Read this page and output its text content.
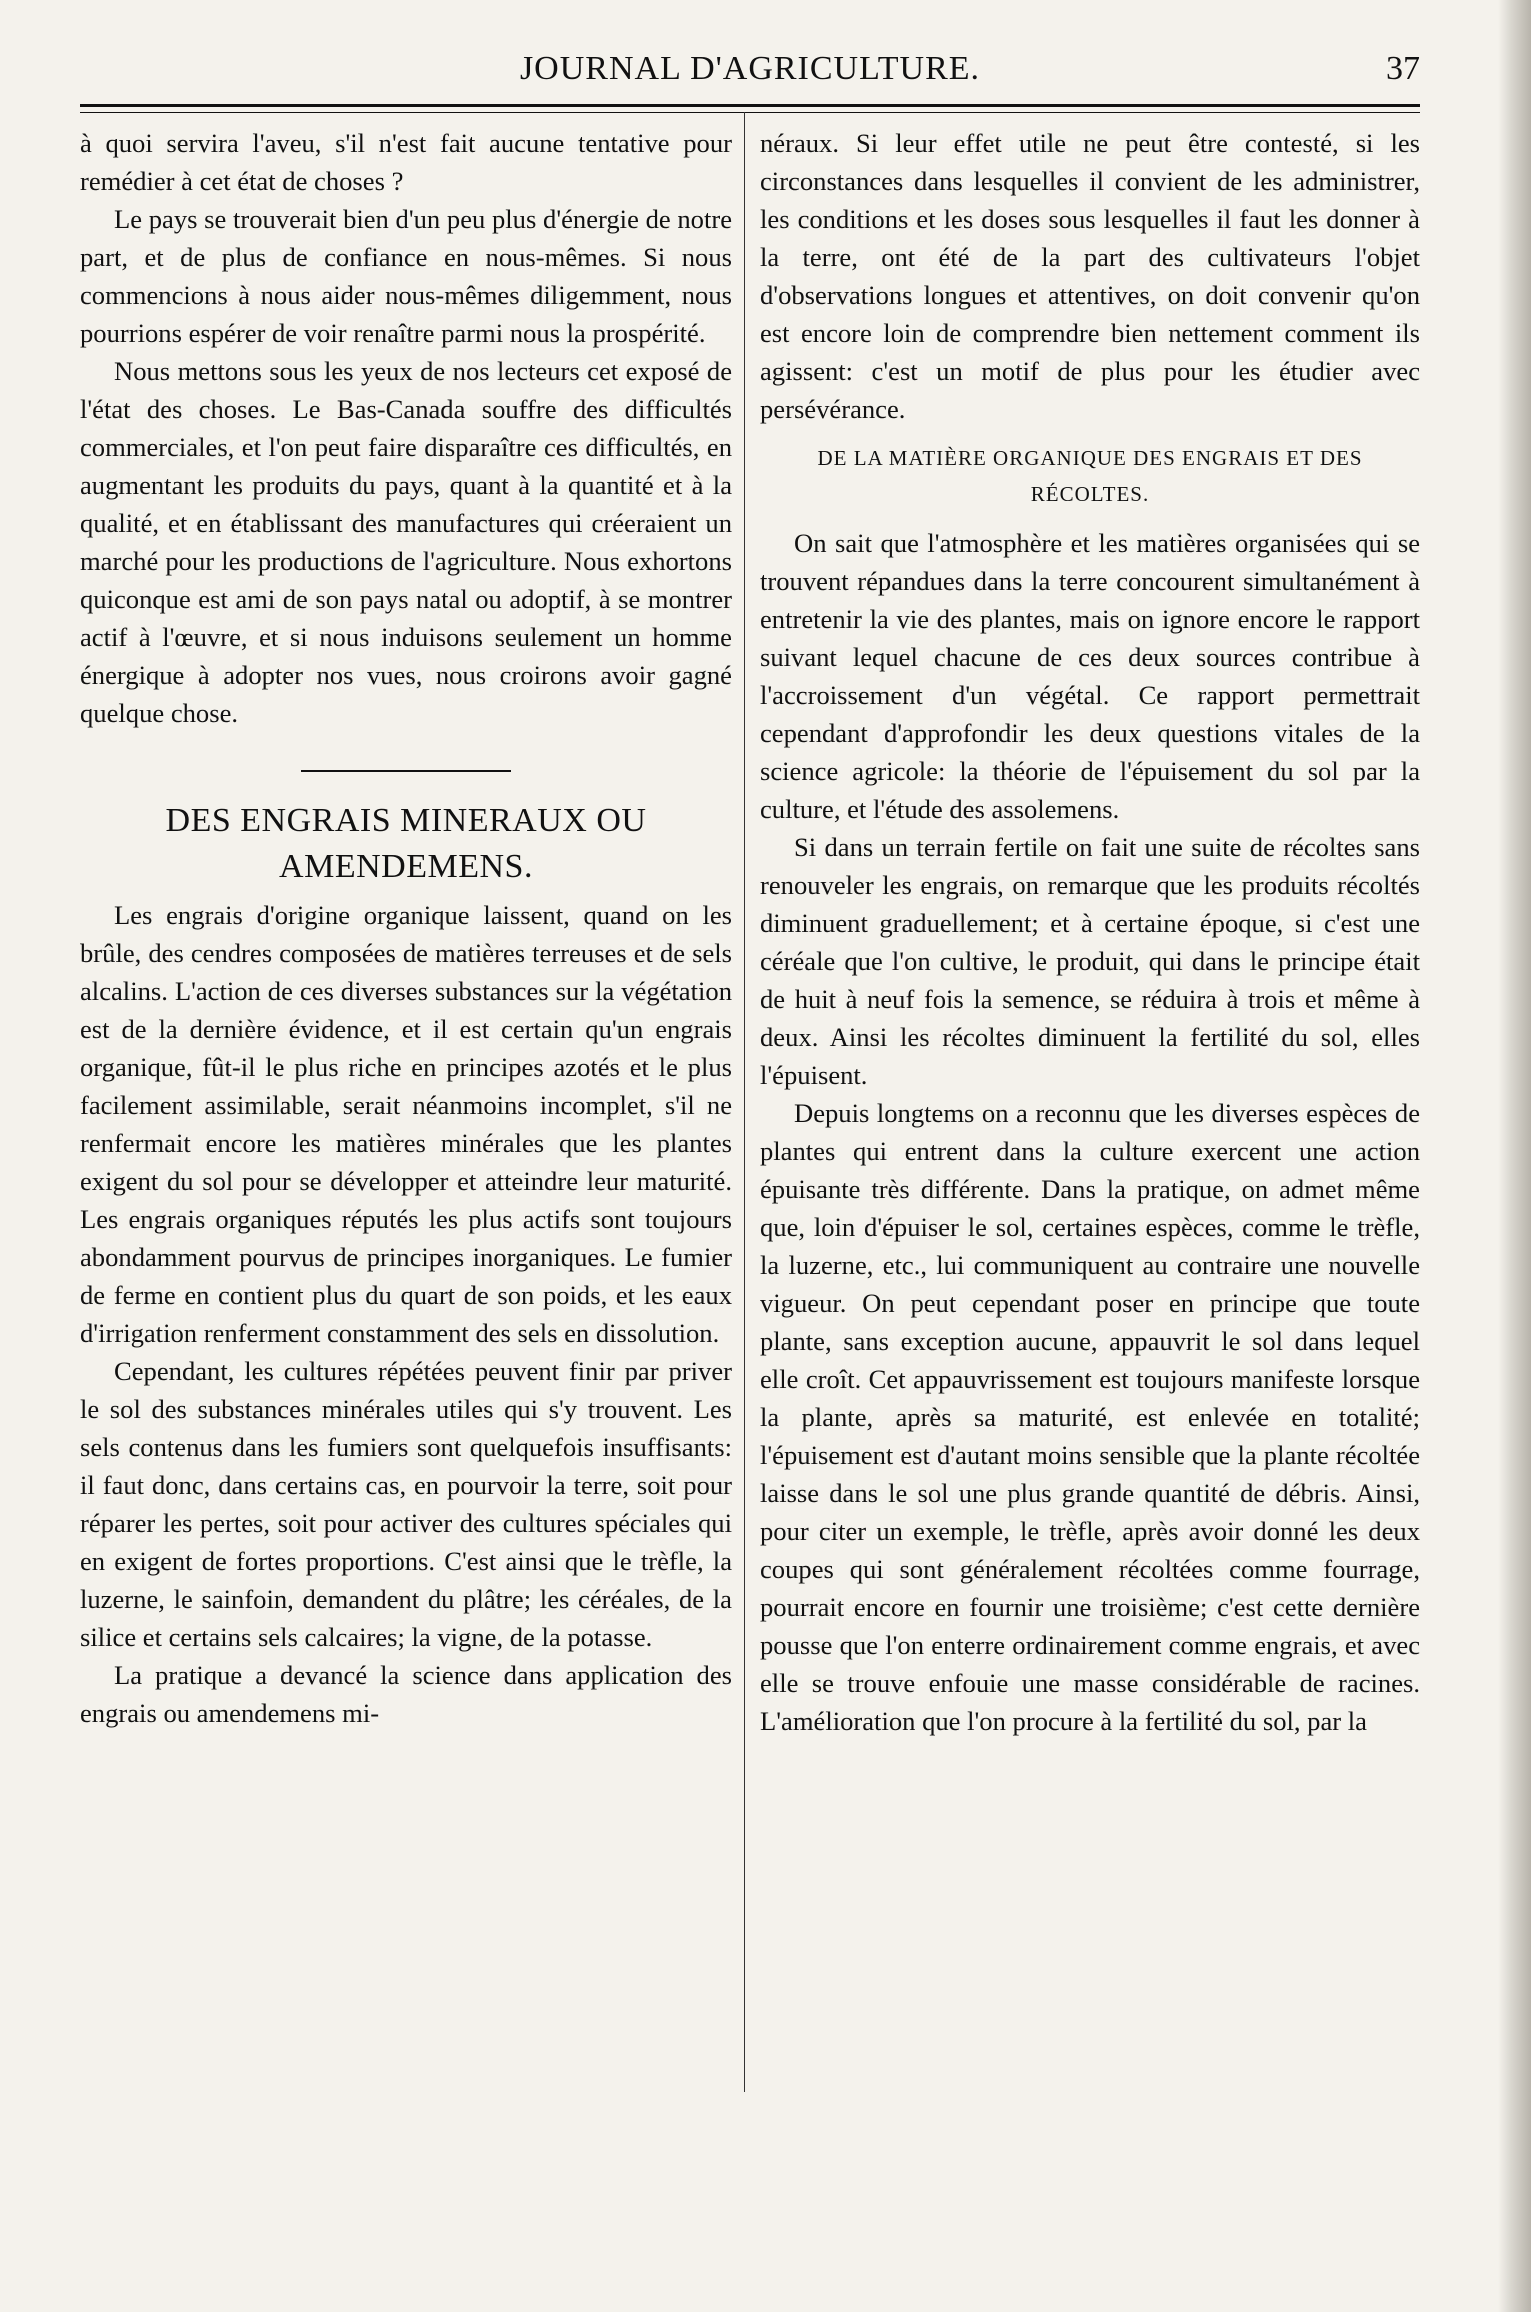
JOURNAL D'AGRICULTURE.	37

à quoi servira l'aveu, s'il n'est fait aucune tentative pour remédier à cet état de choses ?

Le pays se trouverait bien d'un peu plus d'énergie de notre part, et de plus de confiance en nous-mêmes. Si nous commencions à nous aider nous-mêmes diligemment, nous pourrions espérer de voir renaître parmi nous la prospérité.

Nous mettons sous les yeux de nos lecteurs cet exposé de l'état des choses. Le Bas-Canada souffre des difficultés commerciales, et l'on peut faire disparaître ces difficultés, en augmentant les produits du pays, quant à la quantité et à la qualité, et en établissant des manufactures qui créeraient un marché pour les productions de l'agriculture. Nous exhortons quiconque est ami de son pays natal ou adoptif, à se montrer actif à l'œuvre, et si nous induisons seulement un homme énergique à adopter nos vues, nous croirons avoir gagné quelque chose.

DES ENGRAIS MINERAUX OU AMENDEMENS.

Les engrais d'origine organique laissent, quand on les brûle, des cendres composées de matières terreuses et de sels alcalins. L'action de ces diverses substances sur la végétation est de la dernière évidence, et il est certain qu'un engrais organique, fût-il le plus riche en principes azotés et le plus facilement assimilable, serait néanmoins incomplet, s'il ne renfermait encore les matières minérales que les plantes exigent du sol pour se développer et atteindre leur maturité. Les engrais organiques réputés les plus actifs sont toujours abondamment pourvus de principes inorganiques. Le fumier de ferme en contient plus du quart de son poids, et les eaux d'irrigation renferment constamment des sels en dissolution.

Cependant, les cultures répétées peuvent finir par priver le sol des substances minérales utiles qui s'y trouvent. Les sels contenus dans les fumiers sont quelquefois insuffisants: il faut donc, dans certains cas, en pourvoir la terre, soit pour réparer les pertes, soit pour activer des cultures spéciales qui en exigent de fortes proportions. C'est ainsi que le trèfle, la luzerne, le sainfoin, demandent du plâtre; les céréales, de la silice et certains sels calcaires; la vigne, de la potasse.

La pratique a devancé la science dans application des engrais ou amendemens mi-

néraux. Si leur effet utile ne peut être contesté, si les circonstances dans lesquelles il convient de les administrer, les conditions et les doses sous lesquelles il faut les donner à la terre, ont été de la part des cultivateurs l'objet d'observations longues et attentives, on doit convenir qu'on est encore loin de comprendre bien nettement comment ils agissent: c'est un motif de plus pour les étudier avec persévérance.

DE LA MATIÈRE ORGANIQUE DES ENGRAIS ET DES RÉCOLTES.

On sait que l'atmosphère et les matières organisées qui se trouvent répandues dans la terre concourent simultanément à entretenir la vie des plantes, mais on ignore encore le rapport suivant lequel chacune de ces deux sources contribue à l'accroissement d'un végétal. Ce rapport permettrait cependant d'approfondir les deux questions vitales de la science agricole: la théorie de l'épuisement du sol par la culture, et l'étude des assolemens.

Si dans un terrain fertile on fait une suite de récoltes sans renouveler les engrais, on remarque que les produits récoltés diminuent graduellement; et à certaine époque, si c'est une céréale que l'on cultive, le produit, qui dans le principe était de huit à neuf fois la semence, se réduira à trois et même à deux. Ainsi les récoltes diminuent la fertilité du sol, elles l'épuisent.

Depuis longtems on a reconnu que les diverses espèces de plantes qui entrent dans la culture exercent une action épuisante très différente. Dans la pratique, on admet même que, loin d'épuiser le sol, certaines espèces, comme le trèfle, la luzerne, etc., lui communiquent au contraire une nouvelle vigueur. On peut cependant poser en principe que toute plante, sans exception aucune, appauvrit le sol dans lequel elle croît. Cet appauvrissement est toujours manifeste lorsque la plante, après sa maturité, est enlevée en totalité; l'épuisement est d'autant moins sensible que la plante récoltée laisse dans le sol une plus grande quantité de débris. Ainsi, pour citer un exemple, le trèfle, après avoir donné les deux coupes qui sont généralement récoltées comme fourrage, pourrait encore en fournir une troisième; c'est cette dernière pousse que l'on enterre ordinairement comme engrais, et avec elle se trouve enfouie une masse considérable de racines. L'amélioration que l'on procure à la fertilité du sol, par la
